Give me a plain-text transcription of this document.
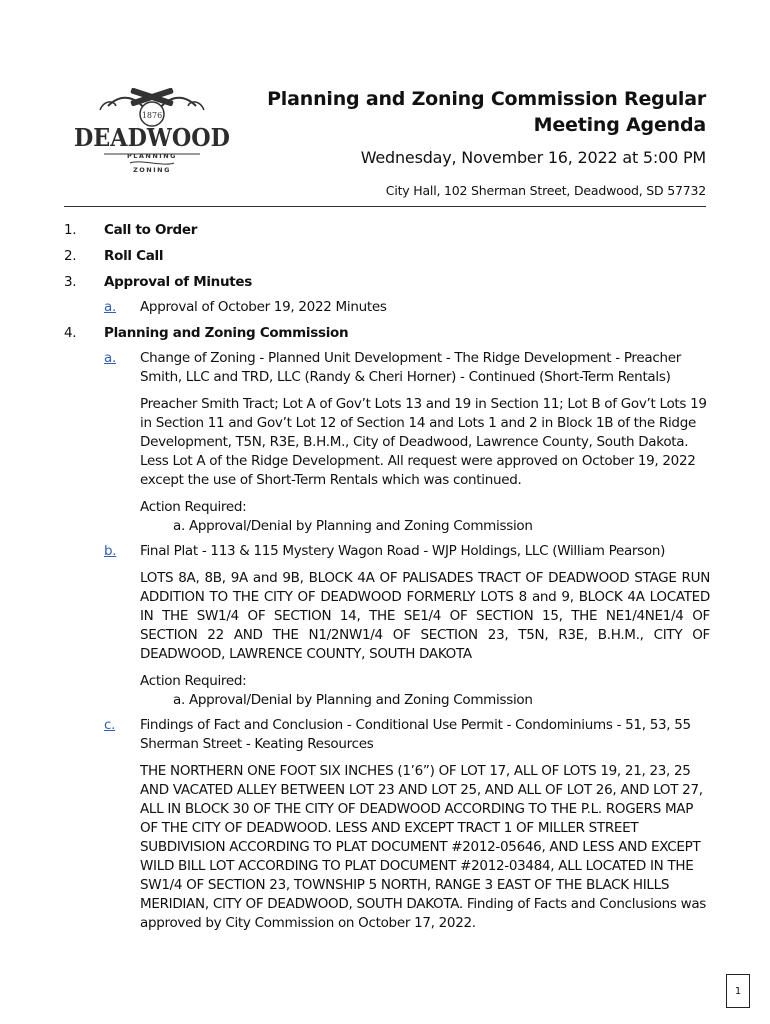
1876
DEADWOOD
PLANNING
ZONING
Planning and Zoning Commission Regular
Meeting Agenda
Wednesday, November 16, 2022 at 5:00 PM
City Hall, 102 Sherman Street, Deadwood, SD 57732
1. Call to Order
2. Roll Call
3. Approval of Minutes
a. Approval of October 19, 2022 Minutes
4. Planning and Zoning Commission
a. Change of Zoning - Planned Unit Development - The Ridge Development - Preacher Smith, LLC and TRD, LLC (Randy & Cheri Horner) - Continued (Short-Term Rentals)
Preacher Smith Tract; Lot A of Gov’t Lots 13 and 19 in Section 11; Lot B of Gov’t Lots 19 in Section 11 and Gov’t Lot 12 of Section 14 and Lots 1 and 2 in Block 1B of the Ridge Development, T5N, R3E, B.H.M., City of Deadwood, Lawrence County, South Dakota. Less Lot A of the Ridge Development. All request were approved on October 19, 2022 except the use of Short-Term Rentals which was continued.
Action Required:
a. Approval/Denial by Planning and Zoning Commission
b. Final Plat - 113 & 115 Mystery Wagon Road - WJP Holdings, LLC (William Pearson)
LOTS 8A, 8B, 9A and 9B, BLOCK 4A OF PALISADES TRACT OF DEADWOOD STAGE RUN ADDITION TO THE CITY OF DEADWOOD FORMERLY LOTS 8 and 9, BLOCK 4A LOCATED IN THE SW1/4 OF SECTION 14, THE SE1/4 OF SECTION 15, THE NE1/4NE1/4 OF SECTION 22 AND THE N1/2NW1/4 OF SECTION 23, T5N, R3E, B.H.M., CITY OF DEADWOOD, LAWRENCE COUNTY, SOUTH DAKOTA
Action Required:
a. Approval/Denial by Planning and Zoning Commission
c. Findings of Fact and Conclusion - Conditional Use Permit - Condominiums - 51, 53, 55 Sherman Street - Keating Resources
THE NORTHERN ONE FOOT SIX INCHES (1’6”) OF LOT 17, ALL OF LOTS 19, 21, 23, 25 AND VACATED ALLEY BETWEEN LOT 23 AND LOT 25, AND ALL OF LOT 26, AND LOT 27, ALL IN BLOCK 30 OF THE CITY OF DEADWOOD ACCORDING TO THE P.L. ROGERS MAP OF THE CITY OF DEADWOOD. LESS AND EXCEPT TRACT 1 OF MILLER STREET SUBDIVISION ACCORDING TO PLAT DOCUMENT #2012-05646, AND LESS AND EXCEPT WILD BILL LOT ACCORDING TO PLAT DOCUMENT #2012-03484, ALL LOCATED IN THE SW1/4 OF SECTION 23, TOWNSHIP 5 NORTH, RANGE 3 EAST OF THE BLACK HILLS MERIDIAN, CITY OF DEADWOOD, SOUTH DAKOTA. Finding of Facts and Conclusions was approved by City Commission on October 17, 2022.
1
